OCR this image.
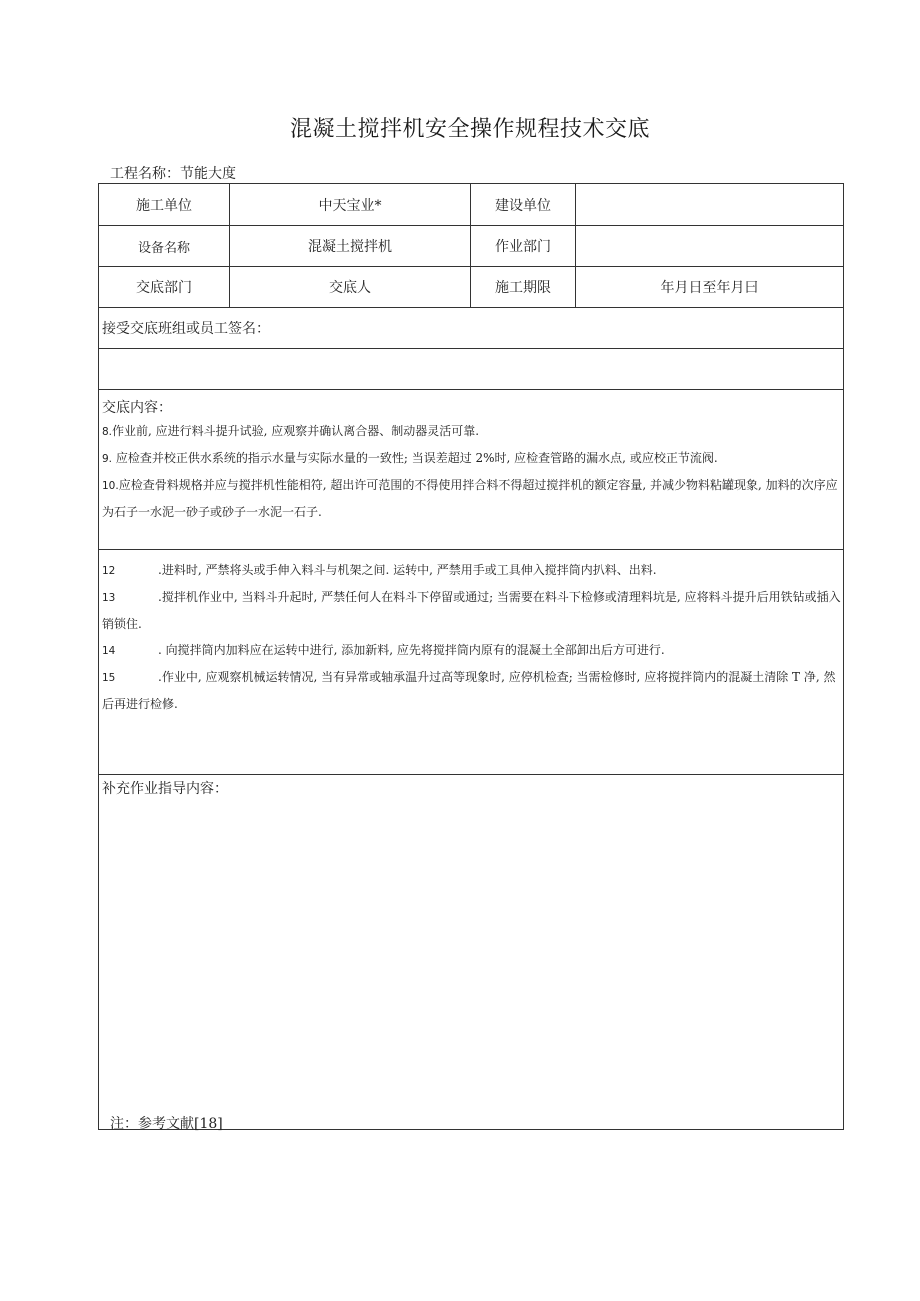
混凝土搅拌机安全操作规程技术交底
工程名称：节能大度
施工单位	中天宝业*	建设单位	
设备名称	混凝土搅拌机	作业部门	
交底部门	交底人	施工期限	年月日至年月曰
接受交底班组或员工签名：			

交底内容：
8.作业前, 应进行料斗提升试验, 应观察并确认离合器、制动器灵活可靠.
9. 应检查并校正供水系统的指示水量与实际水量的一致性; 当误差超过 2%时, 应检查管路的漏水点, 或应校正节流阀.
10.应检查骨料规格并应与搅拌机性能相符, 超出许可范围的不得使用拌合料不得超过搅拌机的额定容量, 并减少物料粘罐现象, 加料的次序应为石子一水泥一砂子或砂子一水泥一石子.			

12 .进料时, 严禁将头或手伸入料斗与机架之间. 运转中, 严禁用手或工具伸入搅拌筒内扒料、出料.
13 .搅拌机作业中, 当料斗升起时, 严禁任何人在料斗下停留或通过; 当需要在料斗下检修或清理料坑是, 应将料斗提升后用铁钻或插入销锁住.
14 . 向搅拌筒内加料应在运转中进行, 添加新料, 应先将搅拌筒内原有的混凝土全部卸出后方可进行.
15 .作业中, 应观察机械运转情况, 当有异常或轴承温升过高等现象时, 应停机检查; 当需检修时, 应将搅拌筒内的混凝土清除 T 净, 然后再进行检修.			

补充作业指导内容：			
注：参考文献[18]
